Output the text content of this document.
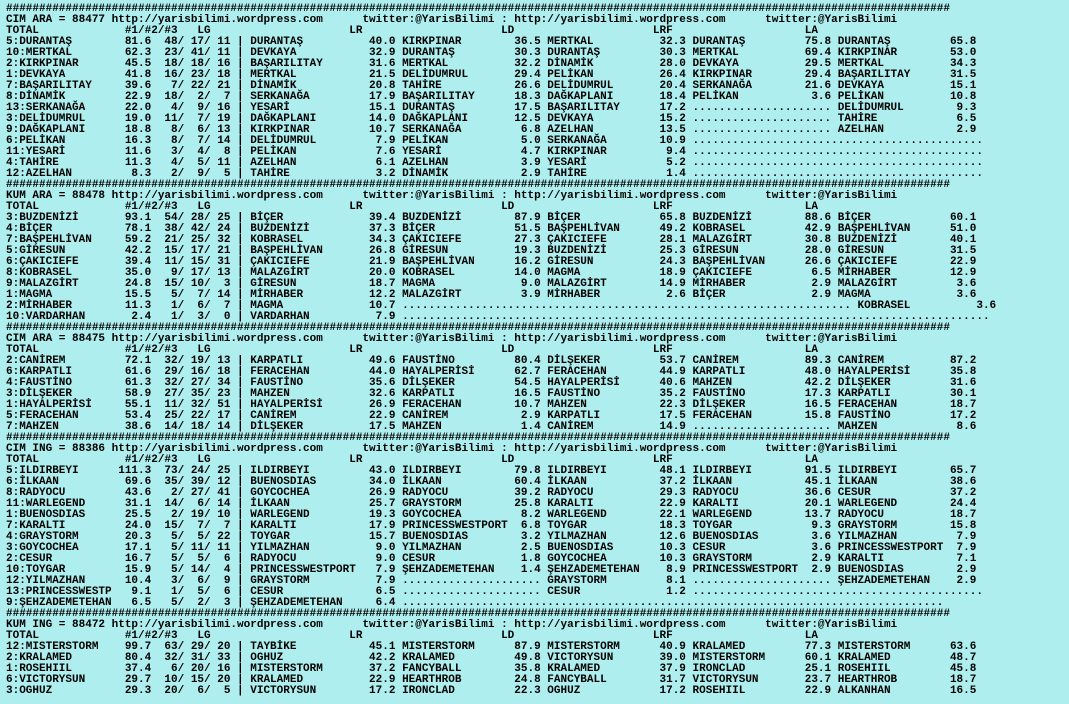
###############################################################################################################################################
CIM ARA = 88477 http://yarisbilimi.wordpress.com      twitter:@YarisBilimi : http://yarisbilimi.wordpress.com      twitter:@YarisBilimi
TOTAL             #1/#2/#3   LG                     LR                     LD                     LRF                    LA
5:DURANTAŞ        81.6  48/ 17/ 11 | DURANTAŞ          40.0 KIRKPINAR        36.5 MERTKAL          32.3 DURANTAŞ         75.8 DURANTAŞ         65.8
10:MERTKAL        62.3  23/ 41/ 11 | DEVKAYA           32.9 DURANTAŞ         30.3 DURANTAŞ         30.3 MERTKAL          69.4 KIRKPINAR        53.0
2:KIRKPINAR       45.5  18/ 18/ 16 | BAŞARILITAY       31.6 MERTKAL          32.2 DİNAMİK          28.0 DEVKAYA          29.5 MERTKAL          34.3
1:DEVKAYA         41.8  16/ 23/ 18 | MERTKAL           21.5 DELİDUMRUL       29.4 PELİKAN          26.4 KIRKPINAR        29.4 BAŞARILITAY      31.5
7:BAŞARILITAY     39.6   7/ 22/ 21 | DİNAMİK           20.8 TAHİRE           26.6 DELİDUMRUL       20.4 SERKANAĞA        21.6 DEVKAYA          15.1
8:DİNAMİK         22.9  18/  2/  7 | SERKANAĞA         17.9 BAŞARILITAY      18.3 DAĞKAPLANI       18.4 PELİKAN           3.6 PELİKAN          10.8
13:SERKANAĞA      22.0   4/  9/ 16 | YESARİ            15.1 DURANTAŞ         17.5 BAŞARILITAY      17.2 ..................... DELİDUMRUL        9.3
3:DELİDUMRUL      19.0  11/  7/ 19 | DAĞKAPLANI        14.0 DAĞKAPLANI       12.5 DEVKAYA          15.2 ..................... TAHİRE            6.5
9:DAĞKAPLANI      18.8   8/  6/ 13 | KIRKPINAR         10.7 SERKANAĞA         6.8 AZELHAN          13.5 ..................... AZELHAN           2.9
6:PELİKAN         16.3   8/  7/ 14 | DELİDUMRUL         7.9 PELİKAN           5.0 SERKANAĞA        10.9 ............................................
11:YESARİ         11.6   3/  4/  8 | PELİKAN            7.6 YESARİ            4.7 KIRKPINAR         9.4 ............................................
4:TAHİRE          11.3   4/  5/ 11 | AZELHAN            6.1 AZELHAN           3.9 YESARİ            5.2 ............................................
12:AZELHAN         8.3   2/  9/  5 | TAHİRE             3.2 DİNAMİK           2.9 TAHİRE            1.4 ............................................
###############################################################################################################################################
KUM ARA = 88478 http://yarisbilimi.wordpress.com      twitter:@YarisBilimi : http://yarisbilimi.wordpress.com      twitter:@YarisBilimi
TOTAL             #1/#2/#3   LG                     LR                     LD                     LRF                    LA
3:BUZDENİZİ       93.1  54/ 28/ 25 | BİÇER             39.4 BUZDENİZİ        87.9 BİÇER            65.8 BUZDENİZİ        88.6 BİÇER            60.1
4:BİÇER           78.1  38/ 42/ 24 | BUZDENİZİ         37.3 BİÇER            51.5 BAŞPEHLİVAN      49.2 KOBRASEL         42.9 BAŞPEHLİVAN      51.0
7:BAŞPEHLİVAN     59.2  21/ 25/ 32 | KOBRASEL          34.3 ÇAKICIEFE        27.3 ÇAKICIEFE        28.1 MALAZGİRT        30.8 BUZDENİZİ        40.1
5:GİRESUN         42.2  15/ 17/ 21 | BAŞPEHLİVAN       26.8 GİRESUN          19.3 BUZDENİZİ        25.3 GİRESUN          28.0 GİRESUN          31.5
6:ÇAKICIEFE       39.4  11/ 15/ 31 | ÇAKICIEFE         21.9 BAŞPEHLİVAN      16.2 GİRESUN          24.3 BAŞPEHLİVAN      26.6 ÇAKICIEFE        22.9
8:KOBRASEL        35.0   9/ 17/ 13 | MALAZGİRT         20.0 KOBRASEL         14.0 MAGMA            18.9 ÇAKICIEFE         6.5 MİRHABER         12.9
9:MALAZGİRT       24.8  15/ 10/  3 | GİRESUN           18.7 MAGMA             9.0 MALAZGİRT        14.9 MİRHABER          2.9 MALAZGİRT         3.6
1:MAGMA           15.5   5/  7/ 14 | MİRHABER          12.2 MALAZGİRT         3.9 MİRHABER          2.6 BİÇER             2.9 MAGMA             3.6
2:MİRHABER        11.3   1/  6/  7 | MAGMA             10.7 .................................................................... KOBRASEL          3.6
10:VARDARHAN       2.4   1/  3/  0 | VARDARHAN          7.9 .........................................................................................
###############################################################################################################################################
CIM ARA = 88475 http://yarisbilimi.wordpress.com      twitter:@YarisBilimi : http://yarisbilimi.wordpress.com      twitter:@YarisBilimi
TOTAL             #1/#2/#3   LG                     LR                     LD                     LRF                    LA
2:CANİREM         72.1  32/ 19/ 13 | KARPATLI          49.6 FAUSTİNO         80.4 DİLŞEKER         53.7 CANİREM          89.3 CANİREM          87.2
6:KARPATLI        61.6  29/ 16/ 18 | FERACEHAN         44.0 HAYALPERİSİ      62.7 FERACEHAN        44.9 KARPATLI         48.0 HAYALPERİSİ      35.8
4:FAUSTİNO        61.3  32/ 27/ 34 | FAUSTİNO          35.6 DİLŞEKER         54.5 HAYALPERİSİ      40.6 MAHZEN           42.2 DİLŞEKER         31.6
3:DİLŞEKER        58.9  27/ 35/ 23 | MAHZEN            32.6 KARPATLI         16.5 FAUSTİNO         35.2 FAUSTİNO         17.3 KARPATLI         30.1
1:HAYALPERİSİ     55.1  11/ 32/ 51 | HAYALPERİSİ       26.9 FERACEHAN        10.7 MAHZEN           22.3 DİLŞEKER         16.5 FERACEHAN        18.7
5:FERACEHAN       53.4  25/ 22/ 17 | CANİREM           22.9 CANİREM           2.9 KARPATLI         17.5 FERACEHAN        15.8 FAUSTİNO         17.2
7:MAHZEN          38.6  14/ 18/ 14 | DİLŞEKER          17.5 MAHZEN            1.4 CANİREM          14.9 ..................... MAHZEN            8.6
###############################################################################################################################################
CIM ING = 88386 http://yarisbilimi.wordpress.com      twitter:@YarisBilimi : http://yarisbilimi.wordpress.com      twitter:@YarisBilimi
TOTAL             #1/#2/#3   LG                     LR                     LD                     LRF                    LA
5:ILDIRBEYI      111.3  73/ 24/ 25 | ILDIRBEYI         43.0 ILDIRBEYI        79.8 ILDIRBEYI        48.1 ILDIRBEYI        91.5 ILDIRBEYI        65.7
6:İLKAAN          69.6  35/ 39/ 12 | BUENOSDIAS        34.0 İLKAAN           60.4 İLKAAN           37.2 İLKAAN           45.1 İLKAAN           38.6
8:RADYOCU         43.6   2/ 27/ 41 | GOYCOCHEA         26.9 RADYOCU          39.2 RADYOCU          29.3 RADYOCU          36.6 CESUR            37.2
11:WARLEGEND      31.1  14/  6/ 14 | İLKAAN            25.7 GRAYSTORM        25.8 KARALTI          22.9 KARALTI          20.1 WARLEGEND        24.4
1:BUENOSDIAS      25.5   2/ 19/ 10 | WARLEGEND         19.3 GOYCOCHEA         8.2 WARLEGEND        22.1 WARLEGEND        13.7 RADYOCU          18.7
7:KARALTI         24.0  15/  7/  7 | KARALTI           17.9 PRINCESSWESTPORT  6.8 TOYGAR           18.3 TOYGAR            9.3 GRAYSTORM        15.8
4:GRAYSTORM       20.3   5/  5/ 22 | TOYGAR            15.7 BUENOSDIAS        3.2 YILMAZHAN        12.6 BUENOSDIAS        3.6 YILMAZHAN         7.9
3:GOYCOCHEA       17.1   5/ 11/ 11 | YILMAZHAN          9.0 YILMAZHAN         2.5 BUENOSDIAS       10.3 CESUR             3.6 PRINCESSWESTPORT  7.9
2:CESUR           16.7   5/  5/  6 | RADYOCU            9.0 CESUR             1.8 GOYCOCHEA        10.3 GRAYSTORM         2.9 KARALTI           7.1
10:TOYGAR         15.9   5/ 14/  4 | PRINCESSWESTPORT   7.9 ŞEHZADEMETEHAN    1.4 ŞEHZADEMETEHAN    8.9 PRINCESSWESTPORT  2.9 BUENOSDIAS        2.9
12:YILMAZHAN      10.4   3/  6/  9 | GRAYSTORM          7.9 ..................... GRAYSTORM         8.1 ..................... ŞEHZADEMETEHAN    2.9
13:PRINCESSWESTP   9.1   1/  5/  6 | CESUR              6.5 ..................... CESUR             1.2 ............................................
9:ŞEHZADEMETEHAN   6.5   5/  2/  3 | ŞEHZADEMETEHAN     6.4 ..................................................................................
###############################################################################################################################################
KUM ING = 88472 http://yarisbilimi.wordpress.com      twitter:@YarisBilimi : http://yarisbilimi.wordpress.com      twitter:@YarisBilimi
TOTAL             #1/#2/#3   LG                     LR                     LD                     LRF                    LA
12:MISTERSTORM    99.7  63/ 29/ 20 | TAYBİKE           45.1 MISTERSTORM      87.9 MISTERSTORM      40.9 KRALAMED         77.3 MISTERSTORM      63.6
2:KRALAMED        80.4  32/ 31/ 33 | OGHUZ             42.2 KRALAMED         49.8 VICTORYSUN       39.0 MISTERSTORM      60.1 KRALAMED         48.7
1:ROSEHIIL        37.4   6/ 20/ 16 | MISTERSTORM       37.2 FANCYBALL        35.8 KRALAMED         37.9 IRONCLAD         25.1 ROSEHIIL         45.8
6:VICTORYSUN      29.7  10/ 15/ 20 | KRALAMED          22.9 HEARTHROB        24.8 FANCYBALL        31.7 VICTORYSUN       23.7 HEARTHROB        18.7
3:OGHUZ           29.3  20/  6/  5 | VICTORYSUN        17.2 IRONCLAD         22.3 OGHUZ            17.2 ROSEHIIL         22.9 ALKANHAN         16.5
